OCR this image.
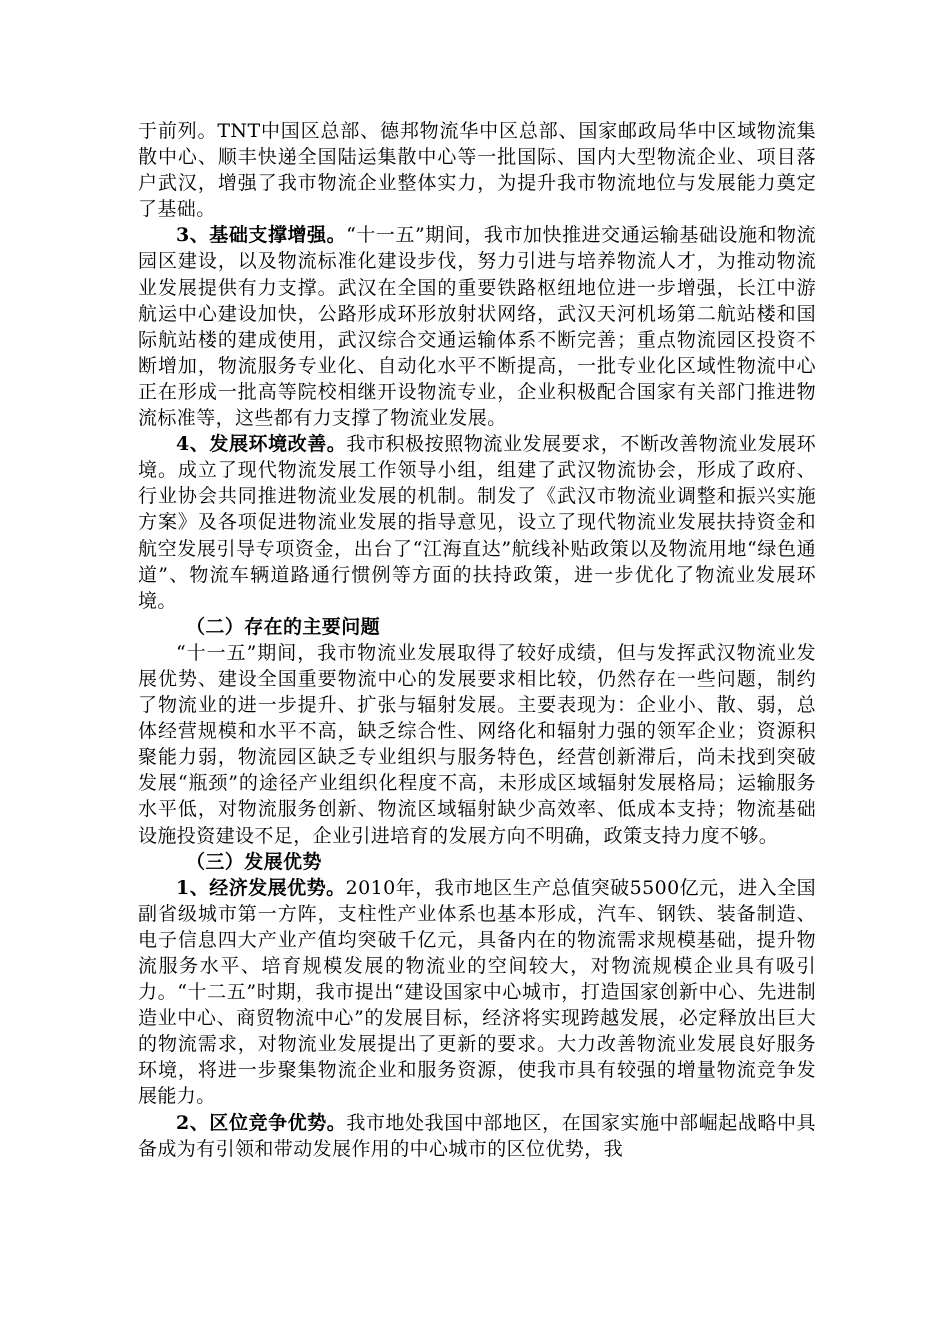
于前列。TNT中国区总部、德邦物流华中区总部、国家邮政局华中区域物流集散中心、顺丰快递全国陆运集散中心等一批国际、国内大型物流企业、项目落户武汉，增强了我市物流企业整体实力，为提升我市物流地位与发展能力奠定了基础。

3、基础支撑增强。“十一五”期间，我市加快推进交通运输基础设施和物流园区建设，以及物流标准化建设步伐，努力引进与培养物流人才，为推动物流业发展提供有力支撑。武汉在全国的重要铁路枢纽地位进一步增强，长江中游航运中心建设加快，公路形成环形放射状网络，武汉天河机场第二航站楼和国际航站楼的建成使用，武汉综合交通运输体系不断完善；重点物流园区投资不断增加，物流服务专业化、自动化水平不断提高，一批专业化区域性物流中心正在形成一批高等院校相继开设物流专业，企业积极配合国家有关部门推进物流标准等，这些都有力支撑了物流业发展。

4、发展环境改善。我市积极按照物流业发展要求，不断改善物流业发展环境。成立了现代物流发展工作领导小组，组建了武汉物流协会，形成了政府、行业协会共同推进物流业发展的机制。制发了《武汉市物流业调整和振兴实施方案》及各项促进物流业发展的指导意见，设立了现代物流业发展扶持资金和航空发展引导专项资金，出台了“江海直达”航线补贴政策以及物流用地“绿色通道”、物流车辆道路通行惯例等方面的扶持政策，进一步优化了物流业发展环境。

（二）存在的主要问题

“十一五”期间，我市物流业发展取得了较好成绩，但与发挥武汉物流业发展优势、建设全国重要物流中心的发展要求相比较，仍然存在一些问题，制约了物流业的进一步提升、扩张与辐射发展。主要表现为：企业小、散、弱，总体经营规模和水平不高，缺乏综合性、网络化和辐射力强的领军企业；资源积聚能力弱，物流园区缺乏专业组织与服务特色，经营创新滞后，尚未找到突破发展“瓶颈”的途径产业组织化程度不高，未形成区域辐射发展格局；运输服务水平低，对物流服务创新、物流区域辐射缺少高效率、低成本支持；物流基础设施投资建设不足，企业引进培育的发展方向不明确，政策支持力度不够。

（三）发展优势

1、经济发展优势。2010年，我市地区生产总值突破5500亿元，进入全国副省级城市第一方阵，支柱性产业体系也基本形成，汽车、钢铁、装备制造、电子信息四大产业产值均突破千亿元，具备内在的物流需求规模基础，提升物流服务水平、培育规模发展的物流业的空间较大，对物流规模企业具有吸引力。“十二五”时期，我市提出“建设国家中心城市，打造国家创新中心、先进制造业中心、商贸物流中心”的发展目标，经济将实现跨越发展，必定释放出巨大的物流需求，对物流业发展提出了更新的要求。大力改善物流业发展良好服务环境，将进一步聚集物流企业和服务资源，使我市具有较强的增量物流竞争发展能力。

2、区位竞争优势。我市地处我国中部地区，在国家实施中部崛起战略中具备成为有引领和带动发展作用的中心城市的区位优势，我
